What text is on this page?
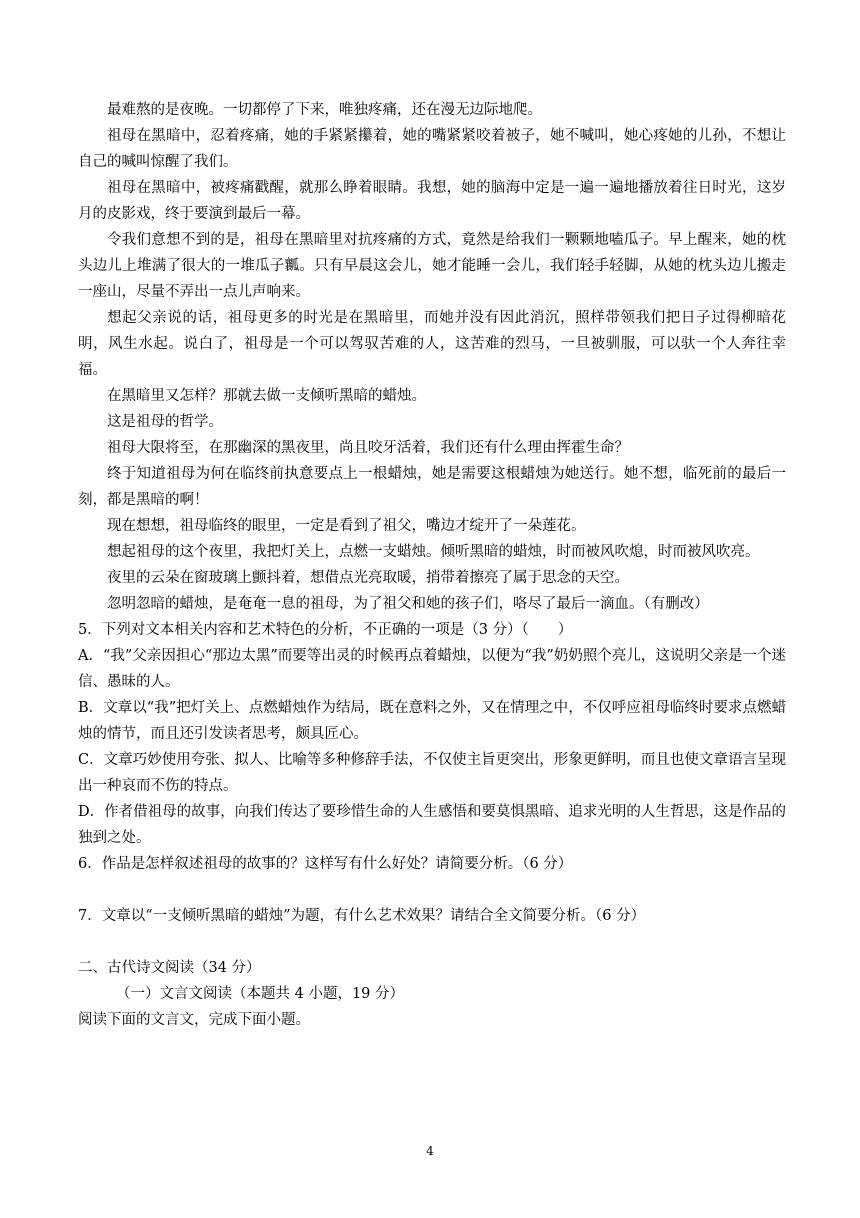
最难熬的是夜晚。一切都停了下来，唯独疼痛，还在漫无边际地爬。

祖母在黑暗中，忍着疼痛，她的手紧紧攥着，她的嘴紧紧咬着被子，她不喊叫，她心疼她的儿孙，不想让自己的喊叫惊醒了我们。

祖母在黑暗中，被疼痛戳醒，就那么睁着眼睛。我想，她的脑海中定是一遍一遍地播放着往日时光，这岁月的皮影戏，终于要演到最后一幕。

令我们意想不到的是，祖母在黑暗里对抗疼痛的方式，竟然是给我们一颗颗地嗑瓜子。早上醒来，她的枕头边儿上堆满了很大的一堆瓜子瓤。只有早晨这会儿，她才能睡一会儿，我们轻手轻脚，从她的枕头边儿搬走一座山，尽量不弄出一点儿声响来。

想起父亲说的话，祖母更多的时光是在黑暗里，而她并没有因此消沉，照样带领我们把日子过得柳暗花明，风生水起。说白了，祖母是一个可以驾驭苦难的人，这苦难的烈马，一旦被驯服，可以驮一个人奔往幸福。

在黑暗里又怎样？那就去做一支倾听黑暗的蜡烛。

这是祖母的哲学。

祖母大限将至，在那幽深的黑夜里，尚且咬牙活着，我们还有什么理由挥霍生命？

终于知道祖母为何在临终前执意要点上一根蜡烛，她是需要这根蜡烛为她送行。她不想，临死前的最后一刻，都是黑暗的啊！

现在想想，祖母临终的眼里，一定是看到了祖父，嘴边才绽开了一朵莲花。

想起祖母的这个夜里，我把灯关上，点燃一支蜡烛。倾听黑暗的蜡烛，时而被风吹熄，时而被风吹亮。

夜里的云朵在窗玻璃上颤抖着，想借点光亮取暖，捎带着擦亮了属于思念的天空。

忽明忽暗的蜡烛，是奄奄一息的祖母，为了祖父和她的孩子们，咯尽了最后一滴血。（有删改）

5．下列对文本相关内容和艺术特色的分析，不正确的一项是（3 分）（　　）

A．“我”父亲因担心“那边太黑”而要等出灵的时候再点着蜡烛，以便为“我”奶奶照个亮儿，这说明父亲是一个迷信、愚昧的人。

B．文章以“我”把灯关上、点燃蜡烛作为结局，既在意料之外，又在情理之中，不仅呼应祖母临终时要求点燃蜡烛的情节，而且还引发读者思考，颇具匠心。

C．文章巧妙使用夸张、拟人、比喻等多种修辞手法，不仅使主旨更突出，形象更鲜明，而且也使文章语言呈现出一种哀而不伤的特点。

D．作者借祖母的故事，向我们传达了要珍惜生命的人生感悟和要莫惧黑暗、追求光明的人生哲思，这是作品的独到之处。

6．作品是怎样叙述祖母的故事的？这样写有什么好处？请简要分析。（6 分）

7．文章以“一支倾听黑暗的蜡烛”为题，有什么艺术效果？请结合全文简要分析。（6 分）

二、古代诗文阅读（34 分）

（一）文言文阅读（本题共 4 小题，19 分）

阅读下面的文言文，完成下面小题。

4
